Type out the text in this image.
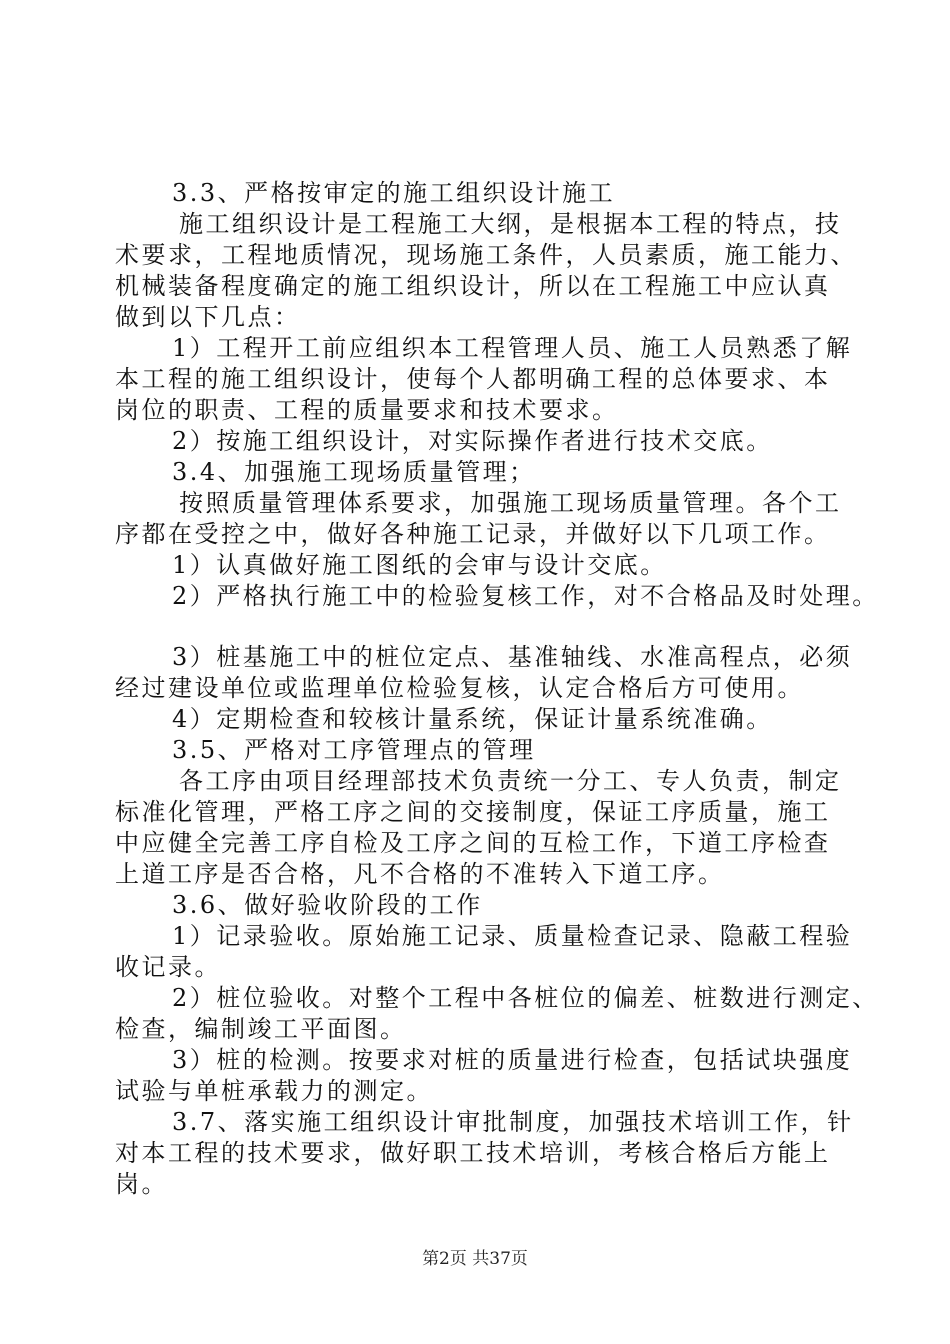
3.3、严格按审定的施工组织设计施工
施工组织设计是工程施工大纲，是根据本工程的特点，技
术要求，工程地质情况，现场施工条件，人员素质，施工能力、
机械装备程度确定的施工组织设计，所以在工程施工中应认真
做到以下几点：
1）工程开工前应组织本工程管理人员、施工人员熟悉了解
本工程的施工组织设计，使每个人都明确工程的总体要求、本
岗位的职责、工程的质量要求和技术要求。
2）按施工组织设计，对实际操作者进行技术交底。
3.4、加强施工现场质量管理；
按照质量管理体系要求，加强施工现场质量管理。各个工
序都在受控之中，做好各种施工记录，并做好以下几项工作。
1）认真做好施工图纸的会审与设计交底。
2）严格执行施工中的检验复核工作，对不合格品及时处理。
3）桩基施工中的桩位定点、基准轴线、水准高程点，必须
经过建设单位或监理单位检验复核，认定合格后方可使用。
4）定期检查和较核计量系统，保证计量系统准确。
3.5、严格对工序管理点的管理
各工序由项目经理部技术负责统一分工、专人负责，制定
标准化管理，严格工序之间的交接制度，保证工序质量，施工
中应健全完善工序自检及工序之间的互检工作，下道工序检查
上道工序是否合格，凡不合格的不准转入下道工序。
3.6、做好验收阶段的工作
1）记录验收。原始施工记录、质量检查记录、隐蔽工程验
收记录。
2）桩位验收。对整个工程中各桩位的偏差、桩数进行测定、
检查，编制竣工平面图。
3）桩的检测。按要求对桩的质量进行检查，包括试块强度
试验与单桩承载力的测定。
3.7、落实施工组织设计审批制度，加强技术培训工作，针
对本工程的技术要求，做好职工技术培训，考核合格后方能上
岗。
第2页 共37页
